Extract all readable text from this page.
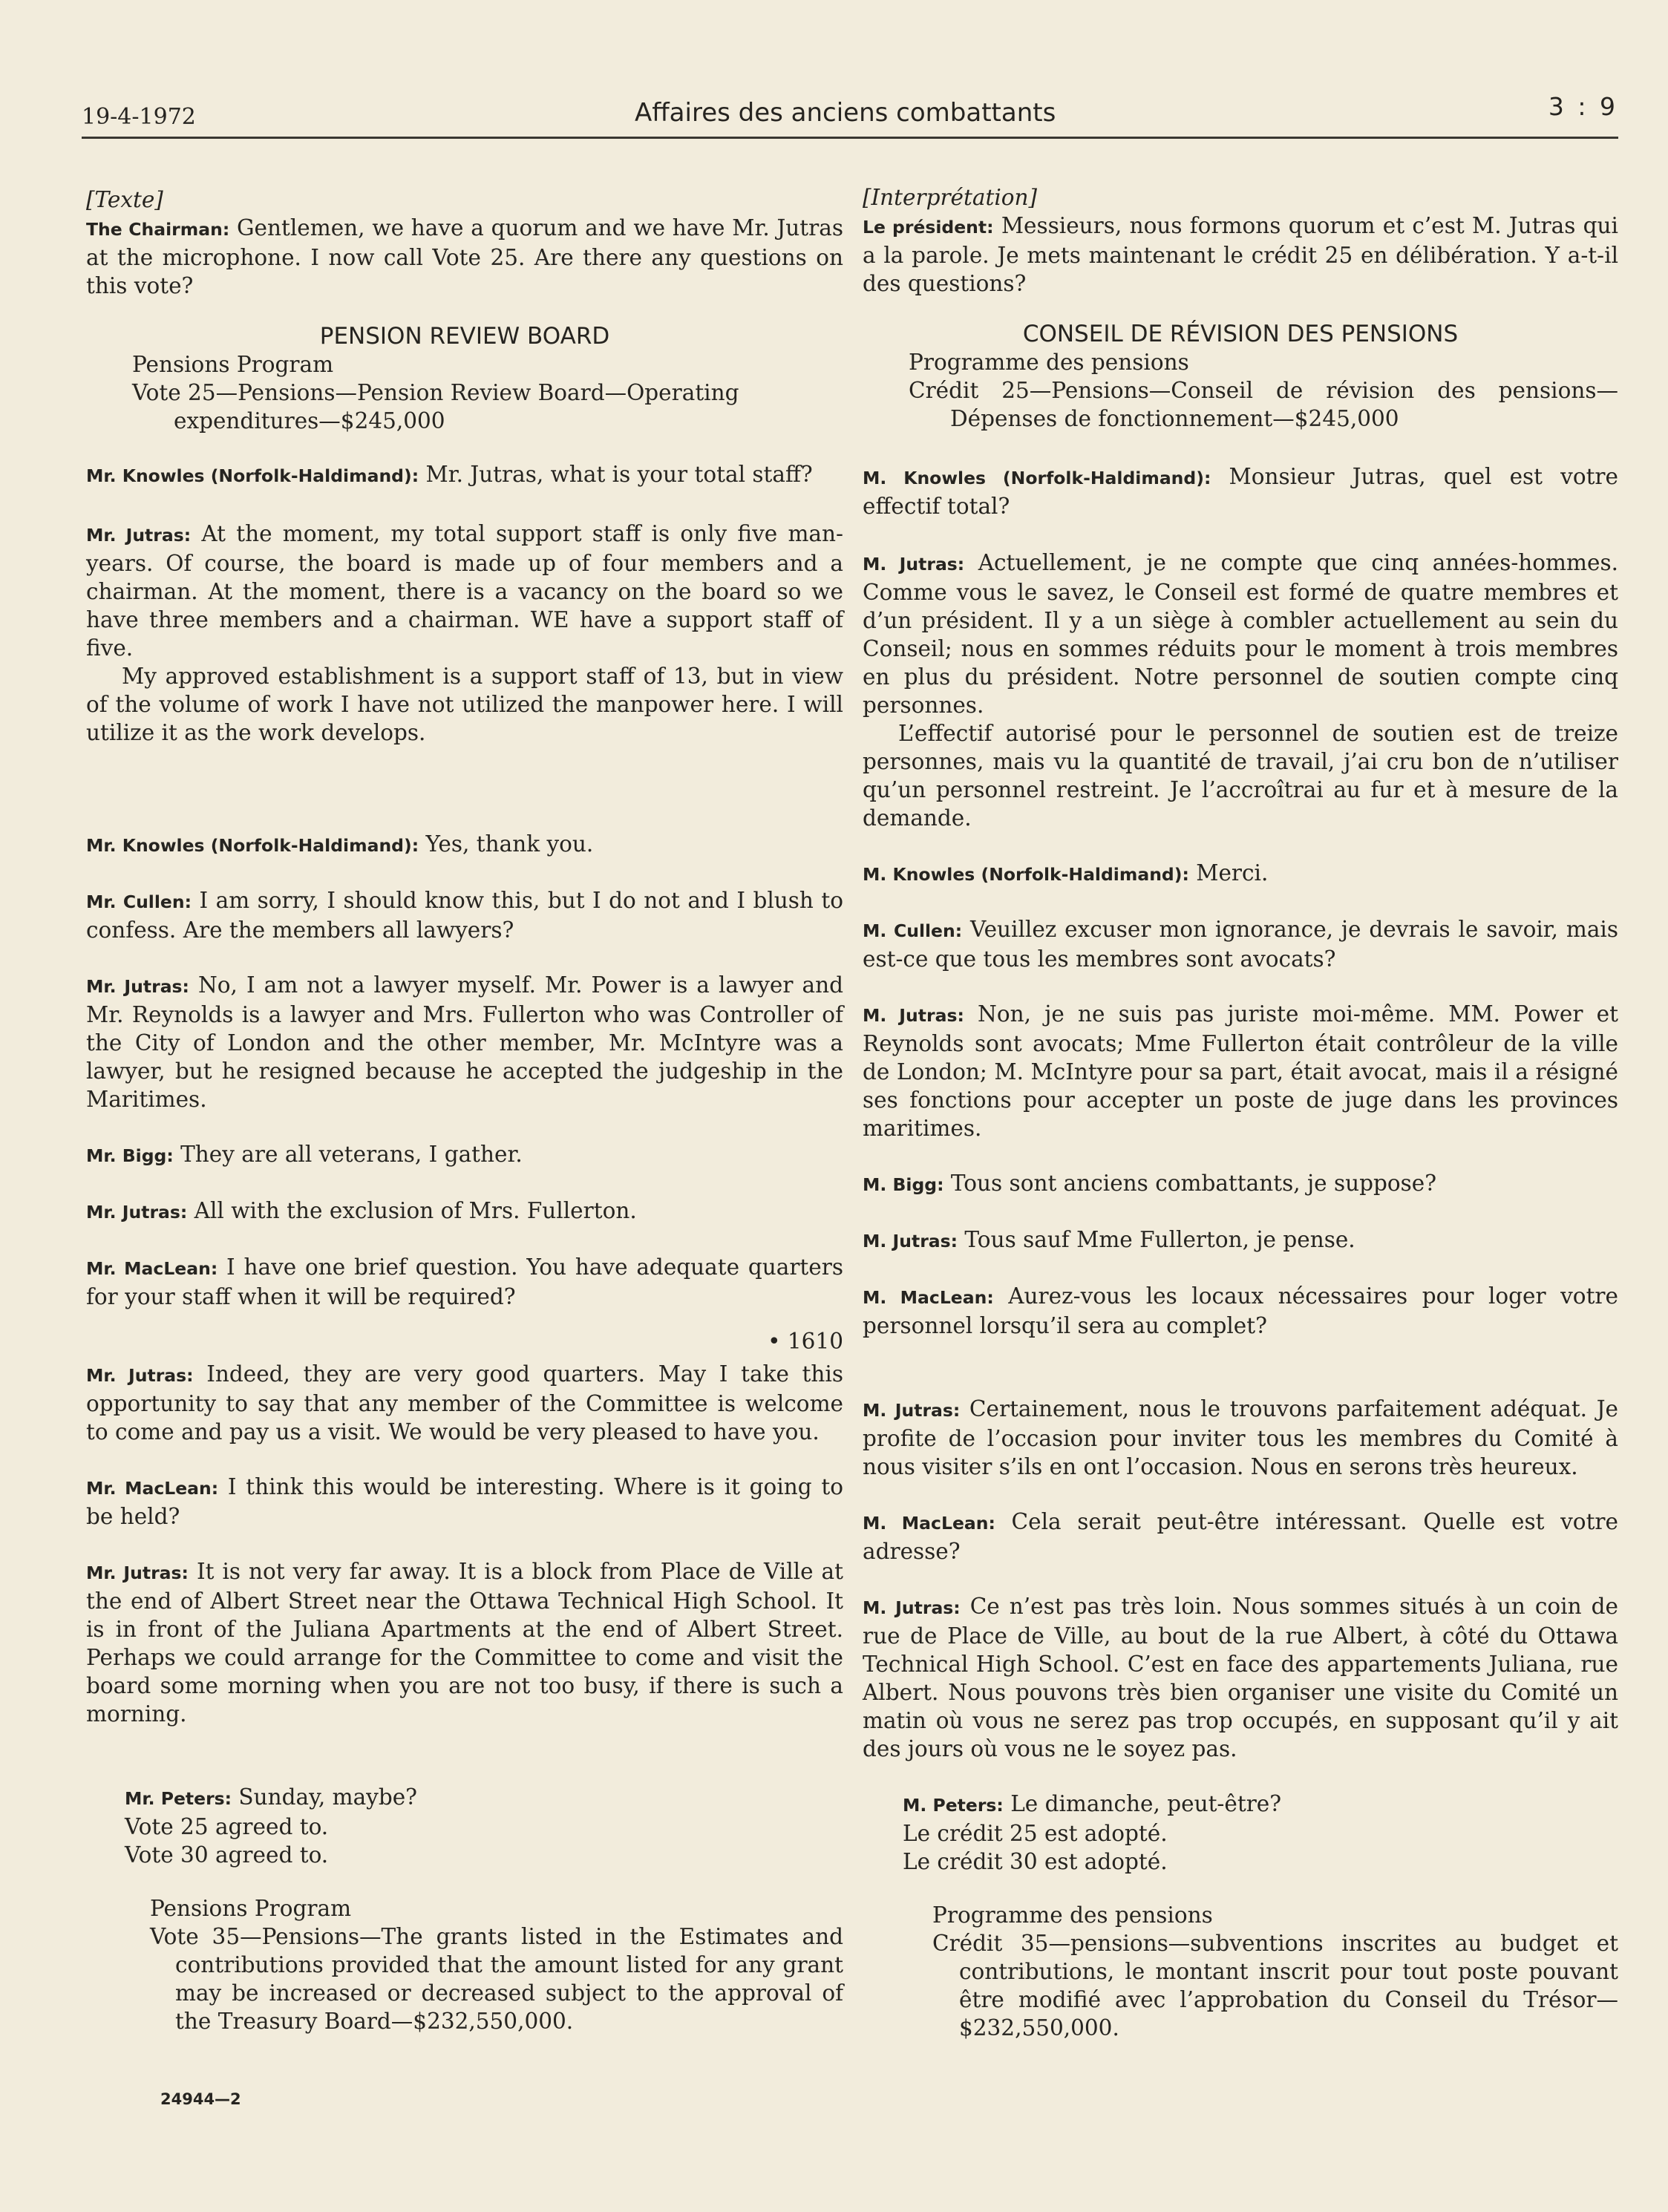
19-4-1972	Affaires des anciens combattants	3 : 9

[Texte]

The Chairman: Gentlemen, we have a quorum and we have Mr. Jutras at the microphone. I now call Vote 25. Are there any questions on this vote?

PENSION REVIEW BOARD

Pensions Program

Vote 25—Pensions—Pension Review Board—Operating expenditures—$245,000

Mr. Knowles (Norfolk-Haldimand): Mr. Jutras, what is your total staff?

Mr. Jutras: At the moment, my total support staff is only five man-years. Of course, the board is made up of four members and a chairman. At the moment, there is a vacancy on the board so we have three members and a chairman. WE have a support staff of five.

My approved establishment is a support staff of 13, but in view of the volume of work I have not utilized the manpower here. I will utilize it as the work develops.

Mr. Knowles (Norfolk-Haldimand): Yes, thank you.

Mr. Cullen: I am sorry, I should know this, but I do not and I blush to confess. Are the members all lawyers?

Mr. Jutras: No, I am not a lawyer myself. Mr. Power is a lawyer and Mr. Reynolds is a lawyer and Mrs. Fullerton who was Controller of the City of London and the other member, Mr. McIntyre was a lawyer, but he resigned because he accepted the judgeship in the Maritimes.

Mr. Bigg: They are all veterans, I gather.

Mr. Jutras: All with the exclusion of Mrs. Fullerton.

Mr. MacLean: I have one brief question. You have adequate quarters for your staff when it will be required?

• 1610

Mr. Jutras: Indeed, they are very good quarters. May I take this opportunity to say that any member of the Committee is welcome to come and pay us a visit. We would be very pleased to have you.

Mr. MacLean: I think this would be interesting. Where is it going to be held?

Mr. Jutras: It is not very far away. It is a block from Place de Ville at the end of Albert Street near the Ottawa Technical High School. It is in front of the Juliana Apartments at the end of Albert Street. Perhaps we could arrange for the Committee to come and visit the board some morning when you are not too busy, if there is such a morning.

Mr. Peters: Sunday, maybe?

Vote 25 agreed to.

Vote 30 agreed to.

Pensions Program

Vote 35—Pensions—The grants listed in the Estimates and contributions provided that the amount listed for any grant may be increased or decreased subject to the approval of the Treasury Board—$232,550,000.

[Interprétation]

Le président: Messieurs, nous formons quorum et c’est M. Jutras qui a la parole. Je mets maintenant le crédit 25 en délibération. Y a-t-il des questions?

CONSEIL DE RÉVISION DES PENSIONS

Programme des pensions

Crédit 25—Pensions—Conseil de révision des pensions—Dépenses de fonctionnement—$245,000

M. Knowles (Norfolk-Haldimand): Monsieur Jutras, quel est votre effectif total?

M. Jutras: Actuellement, je ne compte que cinq années-hommes. Comme vous le savez, le Conseil est formé de quatre membres et d’un président. Il y a un siège à combler actuellement au sein du Conseil; nous en sommes réduits pour le moment à trois membres en plus du président. Notre personnel de soutien compte cinq personnes.

L’effectif autorisé pour le personnel de soutien est de treize personnes, mais vu la quantité de travail, j’ai cru bon de n’utiliser qu’un personnel restreint. Je l’accroîtrai au fur et à mesure de la demande.

M. Knowles (Norfolk-Haldimand): Merci.

M. Cullen: Veuillez excuser mon ignorance, je devrais le savoir, mais est-ce que tous les membres sont avocats?

M. Jutras: Non, je ne suis pas juriste moi-même. MM. Power et Reynolds sont avocats; Mme Fullerton était contrôleur de la ville de London; M. McIntyre pour sa part, était avocat, mais il a résigné ses fonctions pour accepter un poste de juge dans les provinces maritimes.

M. Bigg: Tous sont anciens combattants, je suppose?

M. Jutras: Tous sauf Mme Fullerton, je pense.

M. MacLean: Aurez-vous les locaux nécessaires pour loger votre personnel lorsqu’il sera au complet?

M. Jutras: Certainement, nous le trouvons parfaitement adéquat. Je profite de l’occasion pour inviter tous les membres du Comité à nous visiter s’ils en ont l’occasion. Nous en serons très heureux.

M. MacLean: Cela serait peut-être intéressant. Quelle est votre adresse?

M. Jutras: Ce n’est pas très loin. Nous sommes situés à un coin de rue de Place de Ville, au bout de la rue Albert, à côté du Ottawa Technical High School. C’est en face des appartements Juliana, rue Albert. Nous pouvons très bien organiser une visite du Comité un matin où vous ne serez pas trop occupés, en supposant qu’il y ait des jours où vous ne le soyez pas.

M. Peters: Le dimanche, peut-être?

Le crédit 25 est adopté.

Le crédit 30 est adopté.

Programme des pensions

Crédit 35—pensions—subventions inscrites au budget et contributions, le montant inscrit pour tout poste pouvant être modifié avec l’approbation du Conseil du Trésor—$232,550,000.

24944—2
